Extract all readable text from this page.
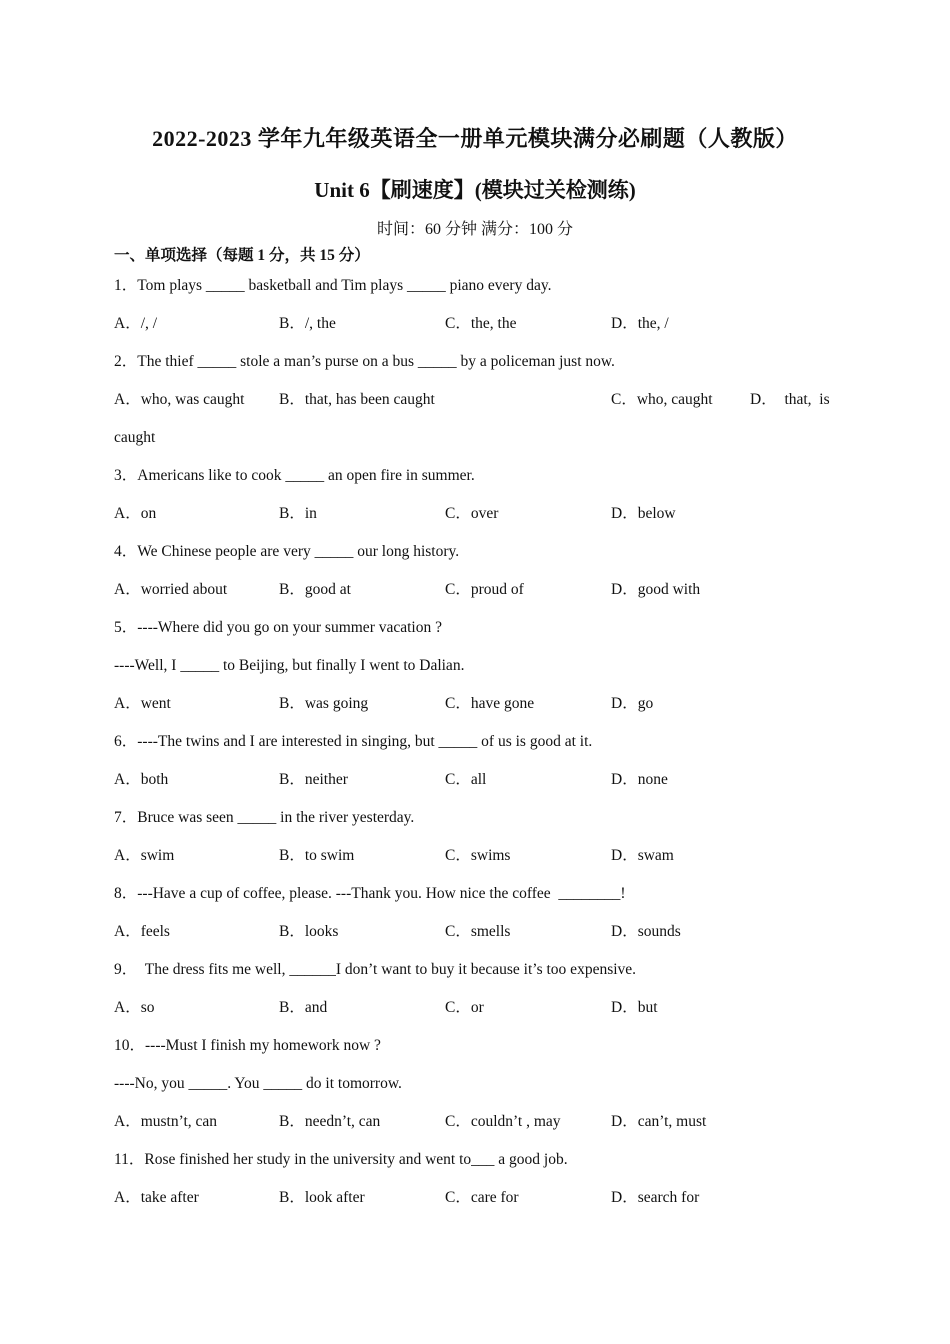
2022-2023 学年九年级英语全一册单元模块满分必刷题（人教版）
Unit 6【刷速度】(模块过关检测练)
时间：60 分钟 满分：100 分
一、单项选择（每题 1 分，共 15 分）
1．Tom plays _____ basketball and Tim plays _____ piano every day.
A．/, /	B．/, the	C．the, the	D．the, /
2．The thief _____ stole a man’s purse on a bus _____ by a policeman just now.
A．who, was caught B．that, has been caught	C．who, caught D．  that,  is
caught
3．Americans like to cook _____ an open fire in summer.
A．on	B．in	C．over	D．below
4．We Chinese people are very _____ our long history.
A．worried about	B．good at	C．proud of	D．good with
5．----Where did you go on your summer vacation ?
----Well, I _____ to Beijing, but finally I went to Dalian.
A．went	B．was going	C．have gone	D．go
6．----The twins and I are interested in singing, but _____ of us is good at it.
A．both	B．neither	C．all	D．none
7．Bruce was seen _____ in the river yesterday.
A．swim	B．to swim	C．swims	D．swam
8．---Have a cup of coffee, please. ---Thank you. How nice the coffee  ________!
A．feels	B．looks	C．smells	D．sounds
9．  The dress fits me well, ______I don’t want to buy it because it’s too expensive.
A．so	B．and	C．or	D．but
10．----Must I finish my homework now ?
----No, you _____. You _____ do it tomorrow.
A．mustn’t, can	B．needn’t, can	C．couldn’t , may	D．can’t, must
11．Rose finished her study in the university and went to___ a good job.
A．take after	B．look after	C．care for	D．search for
